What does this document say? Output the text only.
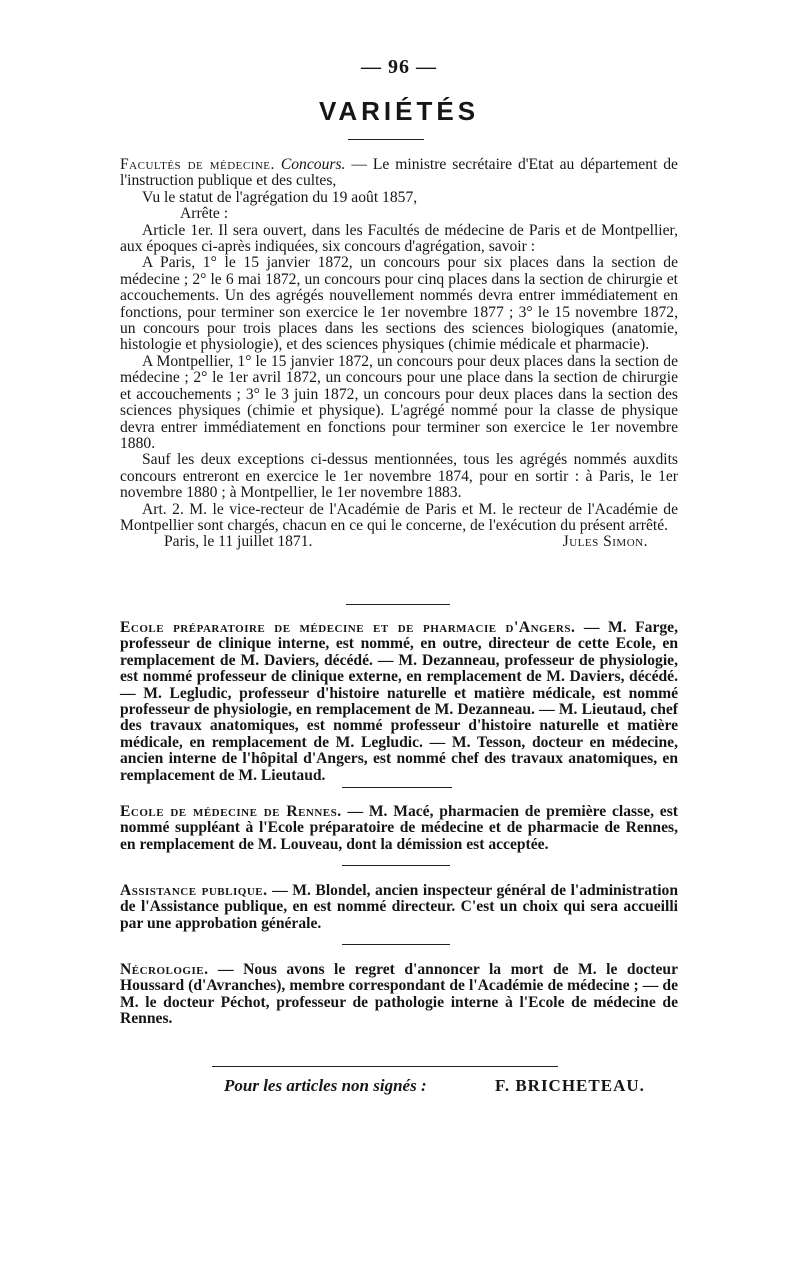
— 96 —
VARIÉTÉS

Facultés de médecine. Concours. — Le ministre secrétaire d'Etat au département de l'instruction publique et des cultes,

Vu le statut de l'agrégation du 19 août 1857,

Arrête :

Article 1er. Il sera ouvert, dans les Facultés de médecine de Paris et de Montpellier, aux époques ci-après indiquées, six concours d'agrégation, savoir :

A Paris, 1° le 15 janvier 1872, un concours pour six places dans la section de médecine ; 2° le 6 mai 1872, un concours pour cinq places dans la section de chirurgie et accouchements. Un des agrégés nouvellement nommés devra entrer immédiatement en fonctions, pour terminer son exercice le 1er novembre 1877 ; 3° le 15 novembre 1872, un concours pour trois places dans les sections des sciences biologiques (anatomie, histologie et physiologie), et des sciences physiques (chimie médicale et pharmacie).

A Montpellier, 1° le 15 janvier 1872, un concours pour deux places dans la section de médecine ; 2° le 1er avril 1872, un concours pour une place dans la section de chirurgie et accouchements ; 3° le 3 juin 1872, un concours pour deux places dans la section des sciences physiques (chimie et physique). L'agrégé nommé pour la classe de physique devra entrer immédiatement en fonctions pour terminer son exercice le 1er novembre 1880.

Sauf les deux exceptions ci-dessus mentionnées, tous les agrégés nommés auxdits concours entreront en exercice le 1er novembre 1874, pour en sortir : à Paris, le 1er novembre 1880 ; à Montpellier, le 1er novembre 1883.

Art. 2. M. le vice-recteur de l'Académie de Paris et M. le recteur de l'Académie de Montpellier sont chargés, chacun en ce qui le concerne, de l'exécution du présent arrêté.

Paris, le 11 juillet 1871.	Jules Simon.

Ecole préparatoire de médecine et de pharmacie d'Angers. — M. Farge, professeur de clinique interne, est nommé, en outre, directeur de cette Ecole, en remplacement de M. Daviers, décédé. — M. Dezanneau, professeur de physiologie, est nommé professeur de clinique externe, en remplacement de M. Daviers, décédé. — M. Legludic, professeur d'histoire naturelle et matière médicale, est nommé professeur de physiologie, en remplacement de M. Dezanneau. — M. Lieutaud, chef des travaux anatomiques, est nommé professeur d'histoire naturelle et matière médicale, en remplacement de M. Legludic. — M. Tesson, docteur en médecine, ancien interne de l'hôpital d'Angers, est nommé chef des travaux anatomiques, en remplacement de M. Lieutaud.

Ecole de médecine de Rennes. — M. Macé, pharmacien de première classe, est nommé suppléant à l'Ecole préparatoire de médecine et de pharmacie de Rennes, en remplacement de M. Louveau, dont la démission est acceptée.

Assistance publique. — M. Blondel, ancien inspecteur général de l'administration de l'Assistance publique, en est nommé directeur. C'est un choix qui sera accueilli par une approbation générale.

Nécrologie. — Nous avons le regret d'annoncer la mort de M. le docteur Houssard (d'Avranches), membre correspondant de l'Académie de médecine ; — de M. le docteur Péchot, professeur de pathologie interne à l'Ecole de médecine de Rennes.

Pour les articles non signés :	F. BRICHETEAU.
